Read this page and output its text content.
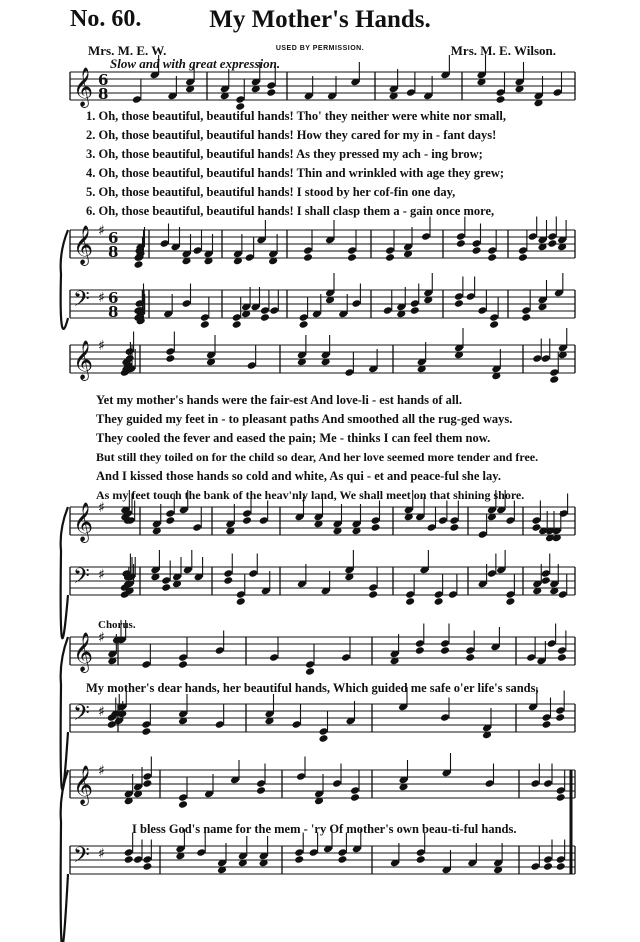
No. 60.	My Mother's Hands.
Mrs. M. E. W.	USED BY PERMISSION.	Mrs. M. E. Wilson.
Slow and with great expression.
Chorus.
1. Oh, those beautiful, beautiful hands! Tho' they neither were white nor small,
2. Oh, those beautiful, beautiful hands! How they cared for my in - fant days!
3. Oh, those beautiful, beautiful hands! As they pressed my ach - ing brow;
4. Oh, those beautiful, beautiful hands! Thin and wrinkled with age they grew;
5. Oh, those beautiful, beautiful hands! I stood by her cof-fin one day,
6. Oh, those beautiful, beautiful hands! I shall clasp them a - gain once more,
Yet my mother's hands were the fair-est And love-li - est hands of all.
They guided my feet in - to pleasant paths And smoothed all the rug-ged ways.
They cooled the fever and eased the pain; Me - thinks I can feel them now.
But still they toiled on for the child so dear, And her love seemed more tender and free.
And I kissed those hands so cold and white, As qui - et and peace-ful she lay.
As my feet touch the bank of the heav'nly land, We shall meet on that shining shore.
My mother's dear hands, her beautiful hands, Which guided me safe o'er life's sands,
I bless God's name for the mem - 'ry Of mother's own beau-ti-ful hands.
𝄞 6
8
𝄞 ♯ 6
8
𝄢 ♯ 6
8
𝄞 ♯
𝄞 ♯
𝄢 ♯
𝄞 ♯
𝄢 ♯
𝄞 ♯
𝄢 ♯
